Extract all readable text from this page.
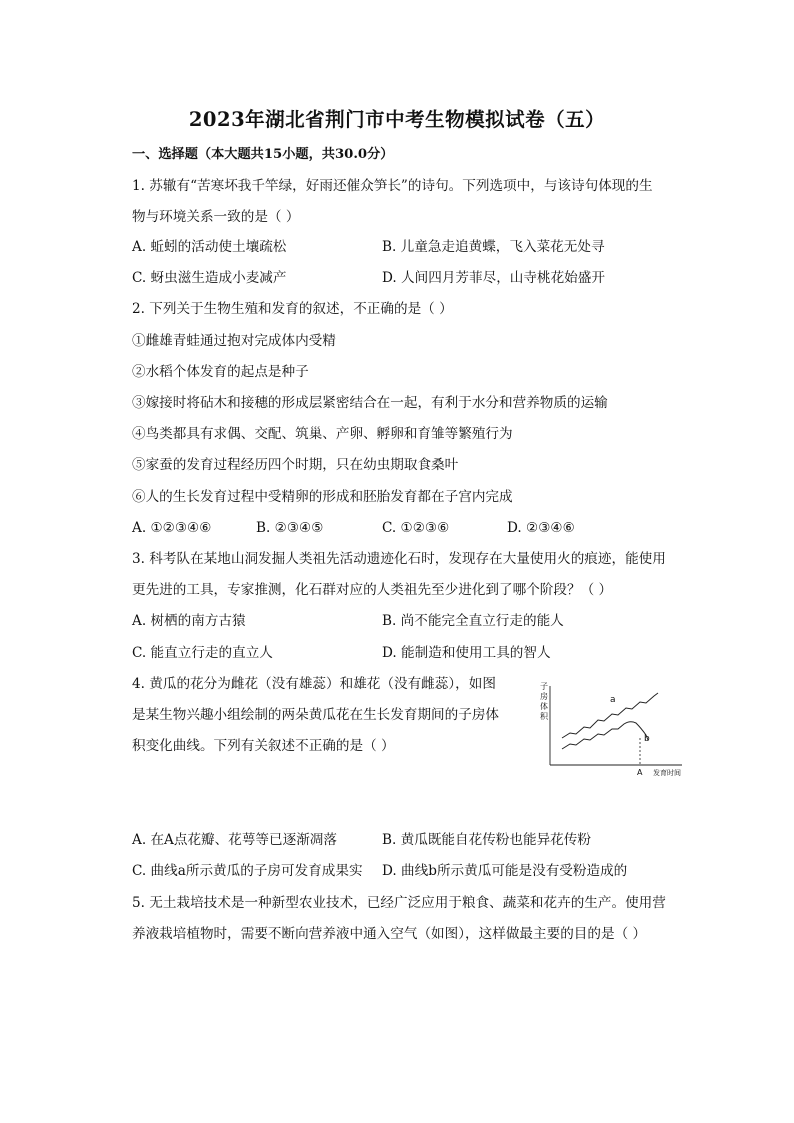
2023年湖北省荆门市中考生物模拟试卷（五）
一、选择题（本大题共15小题，共30.0分）
1. 苏辙有“苦寒坏我千竿绿，好雨还催众笋长”的诗句。下列选项中，与该诗句体现的生
物与环境关系一致的是（ ）
A. 蚯蚓的活动使土壤疏松	B. 儿童急走追黄蝶，飞入菜花无处寻
C. 蚜虫滋生造成小麦减产	D. 人间四月芳菲尽，山寺桃花始盛开
2. 下列关于生物生殖和发育的叙述，不正确的是（ ）
①雌雄青蛙通过抱对完成体内受精
②水稻个体发育的起点是种子
③嫁接时将砧木和接穗的形成层紧密结合在一起，有利于水分和营养物质的运输
④鸟类都具有求偶、交配、筑巢、产卵、孵卵和育雏等繁殖行为
⑤家蚕的发育过程经历四个时期，只在幼虫期取食桑叶
⑥人的生长发育过程中受精卵的形成和胚胎发育都在子宫内完成
A. ①②③④⑥	B. ②③④⑤	C. ①②③⑥	D. ②③④⑥
3. 科考队在某地山洞发掘人类祖先活动遗迹化石时，发现存在大量使用火的痕迹，能使用
更先进的工具，专家推测，化石群对应的人类祖先至少进化到了哪个阶段？（ ）
A. 树栖的南方古猿	B. 尚不能完全直立行走的能人
C. 能直立行走的直立人	D. 能制造和使用工具的智人
4. 黄瓜的花分为雌花（没有雄蕊）和雄花（没有雌蕊），如图
是某生物兴趣小组绘制的两朵黄瓜花在生长发育期间的子房体
积变化曲线。下列有关叙述不正确的是（ ）
子
房
体
积
a
b
A 发育时间
A. 在A点花瓣、花萼等已逐渐凋落	B. 黄瓜既能自花传粉也能异花传粉
C. 曲线a所示黄瓜的子房可发育成果实 D. 曲线b所示黄瓜可能是没有受粉造成的
5. 无土栽培技术是一种新型农业技术，已经广泛应用于粮食、蔬菜和花卉的生产。使用营
养液栽培植物时，需要不断向营养液中通入空气（如图），这样做最主要的目的是（ ）
